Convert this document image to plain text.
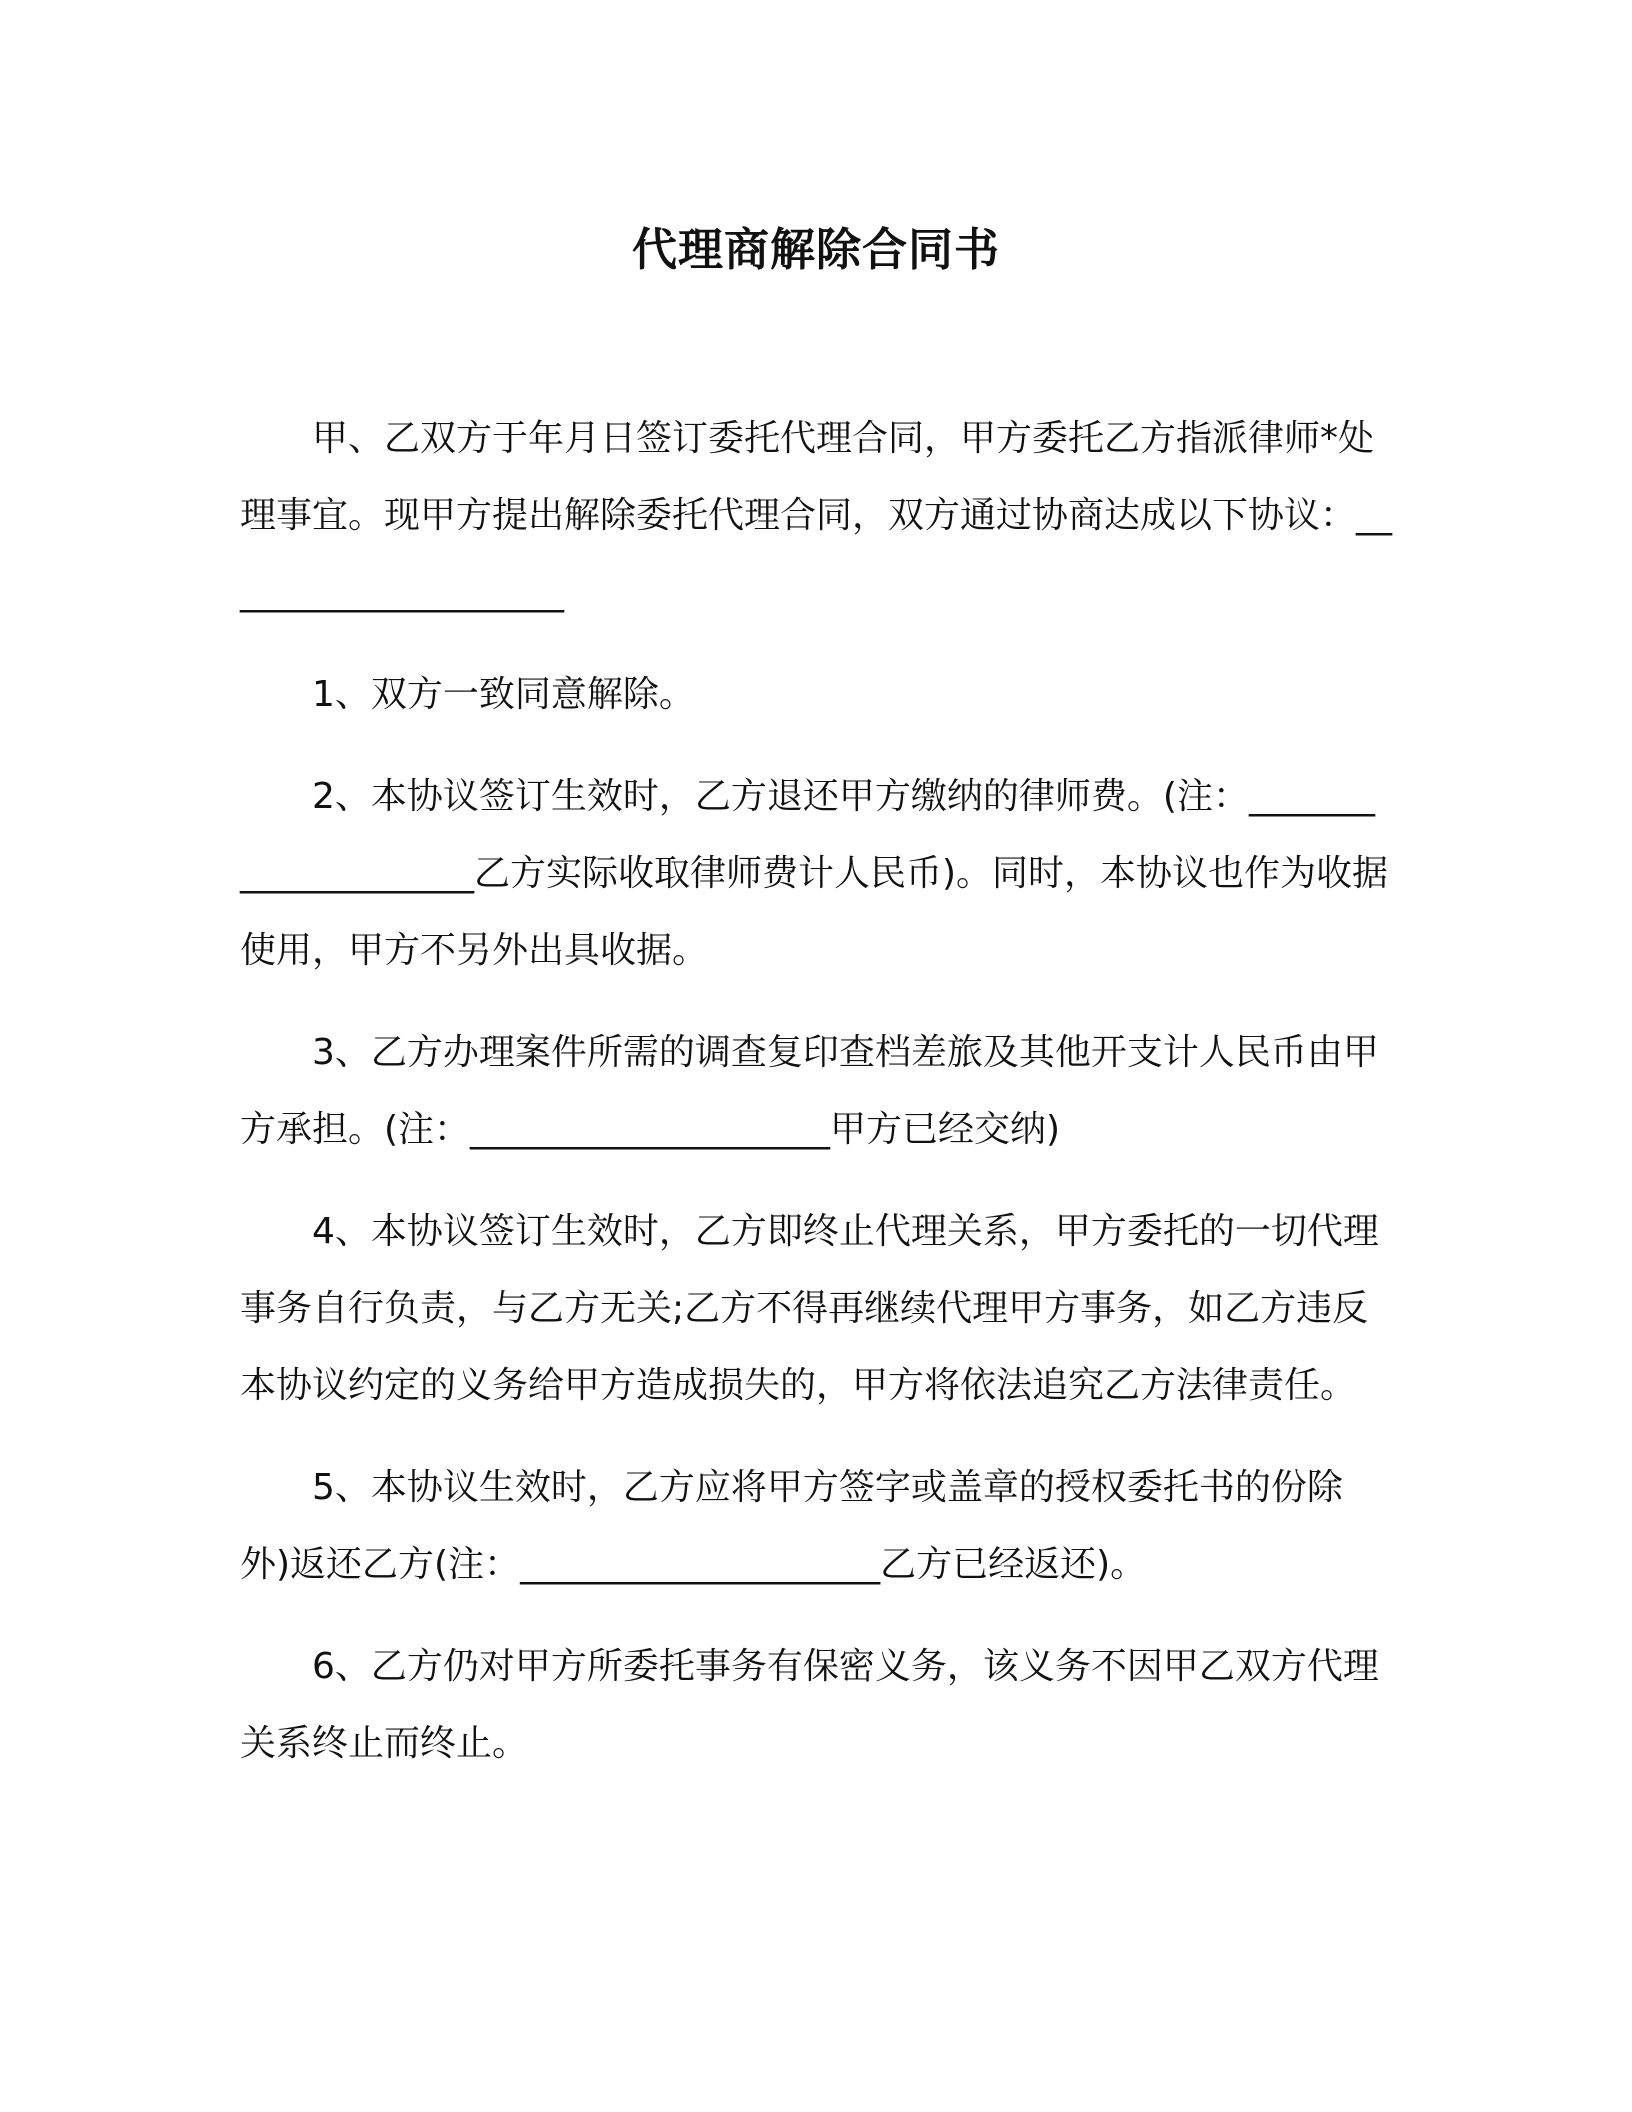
代理商解除合同书

甲、乙双方于年月日签订委托代理合同，甲方委托乙方指派律师*处理事宜。现甲方提出解除委托代理合同，双方通过协商达成以下协议：____________________

1、双方一致同意解除。

2、本协议签订生效时，乙方退还甲方缴纳的律师费。(注：____________________乙方实际收取律师费计人民币)。同时，本协议也作为收据使用，甲方不另外出具收据。

3、乙方办理案件所需的调查复印查档差旅及其他开支计人民币由甲方承担。(注：____________________甲方已经交纳)

4、本协议签订生效时，乙方即终止代理关系，甲方委托的一切代理事务自行负责，与乙方无关;乙方不得再继续代理甲方事务，如乙方违反本协议约定的义务给甲方造成损失的，甲方将依法追究乙方法律责任。

5、本协议生效时，乙方应将甲方签字或盖章的授权委托书的份除外)返还乙方(注：____________________乙方已经返还)。

6、乙方仍对甲方所委托事务有保密义务，该义务不因甲乙双方代理关系终止而终止。
